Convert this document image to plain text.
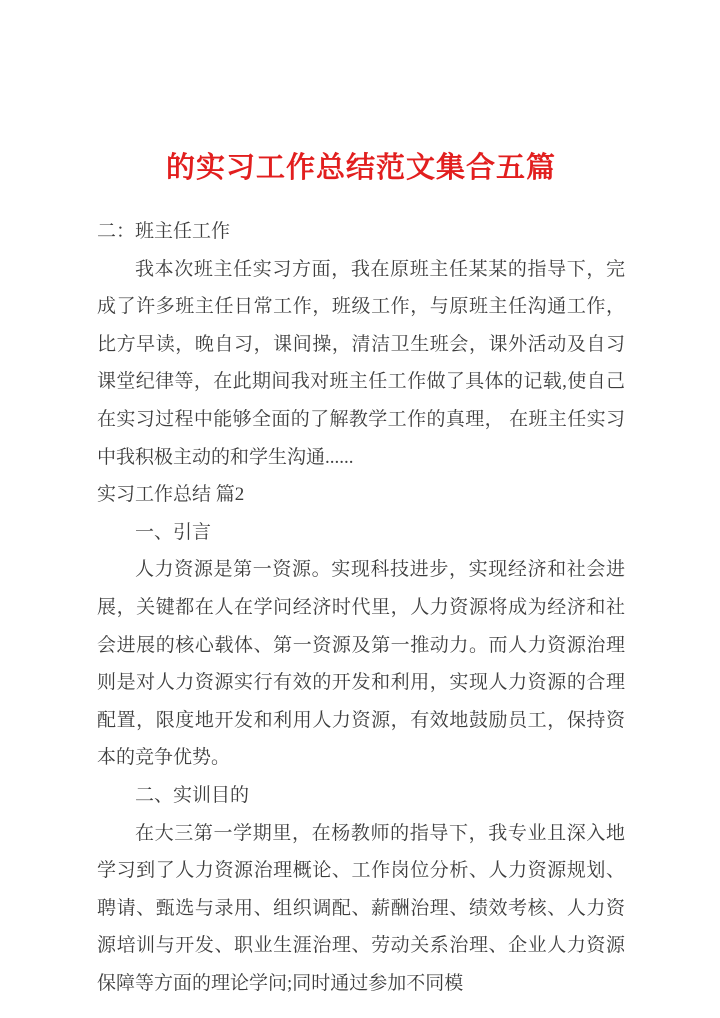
的实习工作总结范文集合五篇

二：班主任工作

我本次班主任实习方面，我在原班主任某某的指导下，完成了许多班主任日常工作，班级工作，与原班主任沟通工作，比方早读，晚自习，课间操，清洁卫生班会，课外活动及自习课堂纪律等，在此期间我对班主任工作做了具体的记载,使自己在实习过程中能够全面的了解教学工作的真理， 在班主任实习中我积极主动的和学生沟通......

实习工作总结 篇2

一、引言

人力资源是第一资源。实现科技进步，实现经济和社会进展，关键都在人在学问经济时代里，人力资源将成为经济和社会进展的核心载体、第一资源及第一推动力。而人力资源治理则是对人力资源实行有效的开发和利用，实现人力资源的合理配置，限度地开发和利用人力资源，有效地鼓励员工，保持资本的竞争优势。

二、实训目的

在大三第一学期里，在杨教师的指导下，我专业且深入地学习到了人力资源治理概论、工作岗位分析、人力资源规划、聘请、甄选与录用、组织调配、薪酬治理、绩效考核、人力资源培训与开发、职业生涯治理、劳动关系治理、企业人力资源保障等方面的理论学问;同时通过参加不同模
